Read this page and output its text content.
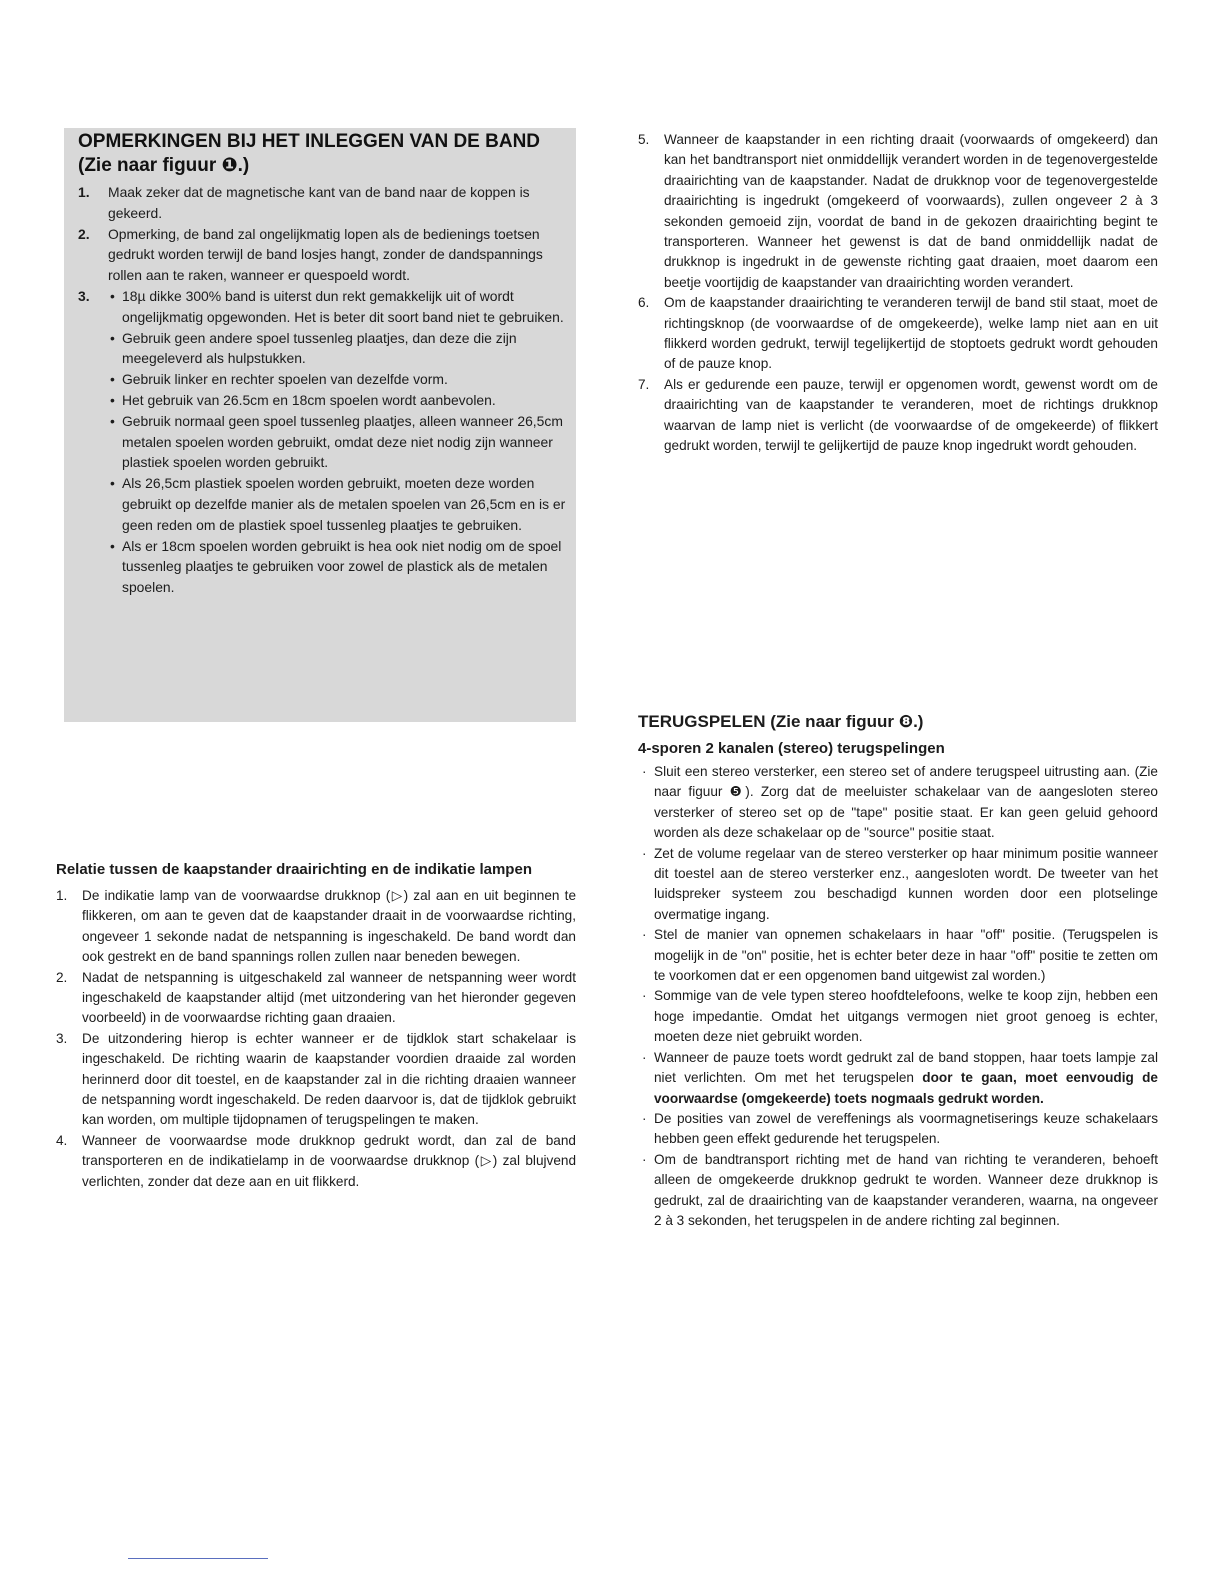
OPMERKINGEN BIJ HET INLEGGEN VAN DE BAND (Zie naar figuur ❶.)
1. Maak zeker dat de magnetische kant van de band naar de koppen is gekeerd.
2. Opmerking, de band zal ongelijkmatig lopen als de bedienings toetsen gedrukt worden terwijl de band losjes hangt, zonder de dandspannings rollen aan te raken, wanneer er quespoeld wordt.
3. • 18µ dikke 300% band is uiterst dun rekt gemakkelijk uit of wordt ongelijkmatig opgewonden. Het is beter dit soort band niet te gebruiken.
• Gebruik geen andere spoel tussenleg plaatjes, dan deze die zijn meegeleverd als hulpstukken.
• Gebruik linker en rechter spoelen van dezelfde vorm.
• Het gebruik van 26.5cm en 18cm spoelen wordt aanbevolen.
• Gebruik normaal geen spoel tussenleg plaatjes, alleen wanneer 26,5cm metalen spoelen worden gebruikt, omdat deze niet nodig zijn wanneer plastiek spoelen worden gebruikt.
• Als 26,5cm plastiek spoelen worden gebruikt, moeten deze worden gebruikt op dezelfde manier als de metalen spoelen van 26,5cm en is er geen reden om de plastiek spoel tussenleg plaatjes te gebruiken.
• Als er 18cm spoelen worden gebruikt is hea ook niet nodig om de spoel tussenleg plaatjes te gebruiken voor zowel de plastick als de metalen spoelen.
Relatie tussen de kaapstander draairichting en de indikatie lampen
1. De indikatie lamp van de voorwaardse drukknop (▷) zal aan en uit beginnen te flikkeren, om aan te geven dat de kaapstander draait in de voorwaardse richting, ongeveer 1 sekonde nadat de netspanning is ingeschakeld. De band wordt dan ook gestrekt en de band spannings rollen zullen naar beneden bewegen.
2. Nadat de netspanning is uitgeschakeld zal wanneer de netspanning weer wordt ingeschakeld de kaapstander altijd (met uitzondering van het hieronder gegeven voorbeeld) in de voorwaardse richting gaan draaien.
3. De uitzondering hierop is echter wanneer er de tijdklok start schakelaar is ingeschakeld. De richting waarin de kaapstander voordien draaide zal worden herinnerd door dit toestel, en de kaapstander zal in die richting draaien wanneer de netspanning wordt ingeschakeld. De reden daarvoor is, dat de tijdklok gebruikt kan worden, om multiple tijdopnamen of terugspelingen te maken.
4. Wanneer de voorwaardse mode drukknop gedrukt wordt, dan zal de band transporteren en de indikatielamp in de voorwaardse drukknop (▷) zal blujvend verlichten, zonder dat deze aan en uit flikkerd.
5. Wanneer de kaapstander in een richting draait (voorwaards of omgekeerd) dan kan het bandtransport niet onmiddellijk verandert worden in de tegenovergestelde draairichting van de kaapstander. Nadat de drukknop voor de tegenovergestelde draairichting is ingedrukt (omgekeerd of voorwaards), zullen ongeveer 2 à 3 sekonden gemoeid zijn, voordat de band in de gekozen draairichting begint te transporteren. Wanneer het gewenst is dat de band onmiddellijk nadat de drukknop is ingedrukt in de gewenste richting gaat draaien, moet daarom een beetje voortijdig de kaapstander van draairichting worden verandert.
6. Om de kaapstander draairichting te veranderen terwijl de band stil staat, moet de richtingsknop (de voorwaardse of de omgekeerde), welke lamp niet aan en uit flikkerd worden gedrukt, terwijl tegelijkertijd de stoptoets gedrukt wordt gehouden of de pauze knop.
7. Als er gedurende een pauze, terwijl er opgenomen wordt, gewenst wordt om de draairichting van de kaapstander te veranderen, moet de richtings drukknop waarvan de lamp niet is verlicht (de voorwaardse of de omgekeerde) of flikkert gedrukt worden, terwijl te gelijkertijd de pauze knop ingedrukt wordt gehouden.
TERUGSPELEN (Zie naar figuur ❽.)
4-sporen 2 kanalen (stereo) terugspelingen
· Sluit een stereo versterker, een stereo set of andere terugspeel uitrusting aan. (Zie naar figuur ❺). Zorg dat de meeluister schakelaar van de aangesloten stereo versterker of stereo set op de "tape" positie staat. Er kan geen geluid gehoord worden als deze schakelaar op de "source" positie staat.
· Zet de volume regelaar van de stereo versterker op haar minimum positie wanneer dit toestel aan de stereo versterker enz., aangesloten wordt. De tweeter van het luidspreker systeem zou beschadigd kunnen worden door een plotselinge overmatige ingang.
· Stel de manier van opnemen schakelaars in haar "off" positie. (Terugspelen is mogelijk in de "on" positie, het is echter beter deze in haar "off" positie te zetten om te voorkomen dat er een opgenomen band uitgewist zal worden.)
· Sommige van de vele typen stereo hoofdtelefoons, welke te koop zijn, hebben een hoge impedantie. Omdat het uitgangs vermogen niet groot genoeg is echter, moeten deze niet gebruikt worden.
· Wanneer de pauze toets wordt gedrukt zal de band stoppen, haar toets lampje zal niet verlichten. Om met het terugspelen door te gaan, moet eenvoudig de voorwaardse (omgekeerde) toets nogmaals gedrukt worden.
· De posities van zowel de vereffenings als voormagnetiserings keuze schakelaars hebben geen effekt gedurende het terugspelen.
· Om de bandtransport richting met de hand van richting te veranderen, behoeft alleen de omgekeerde drukknop gedrukt te worden. Wanneer deze drukknop is gedrukt, zal de draairichting van de kaapstander veranderen, waarna, na ongeveer 2 à 3 sekonden, het terugspelen in de andere richting zal beginnen.
